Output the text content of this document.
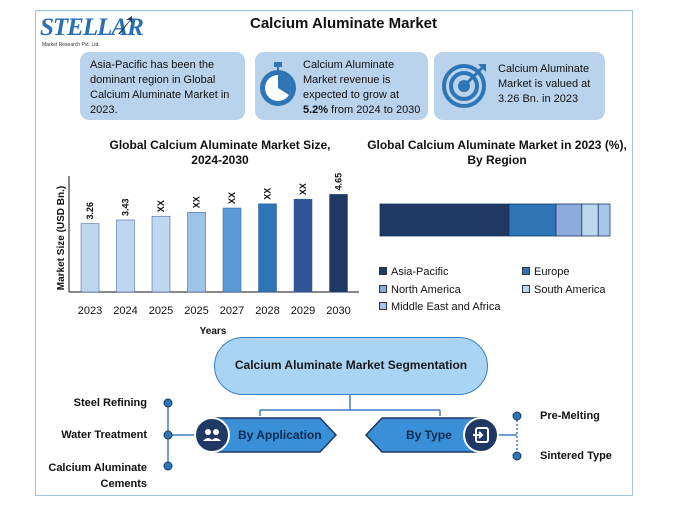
STELLAR
Market Research Pvt. Ltd.
Calcium Aluminate Market
Asia-Pacific has been the dominant region in Global Calcium Aluminate Market in 2023.
Calcium Aluminate Market revenue is expected to grow at 5.2% from 2024 to 2030
Calcium Aluminate Market is valued at 3.26 Bn. in 2023
Global Calcium Aluminate Market Size, 2024-2030
3.26
2023
3.43
2024
XX
2025
XX
2025
XX
2027
XX
2028
XX
2029
4.65
2030
Years
Market Size (USD Bn.)
Global Calcium Aluminate Market in 2023 (%), By Region
Asia-Pacific	Europe
North America	South America
Middle East and Africa
Calcium Aluminate Market Segmentation
By Application	By Type
Steel Refining
Water Treatment
Calcium Aluminate Cements
Pre-Melting
Sintered Type
